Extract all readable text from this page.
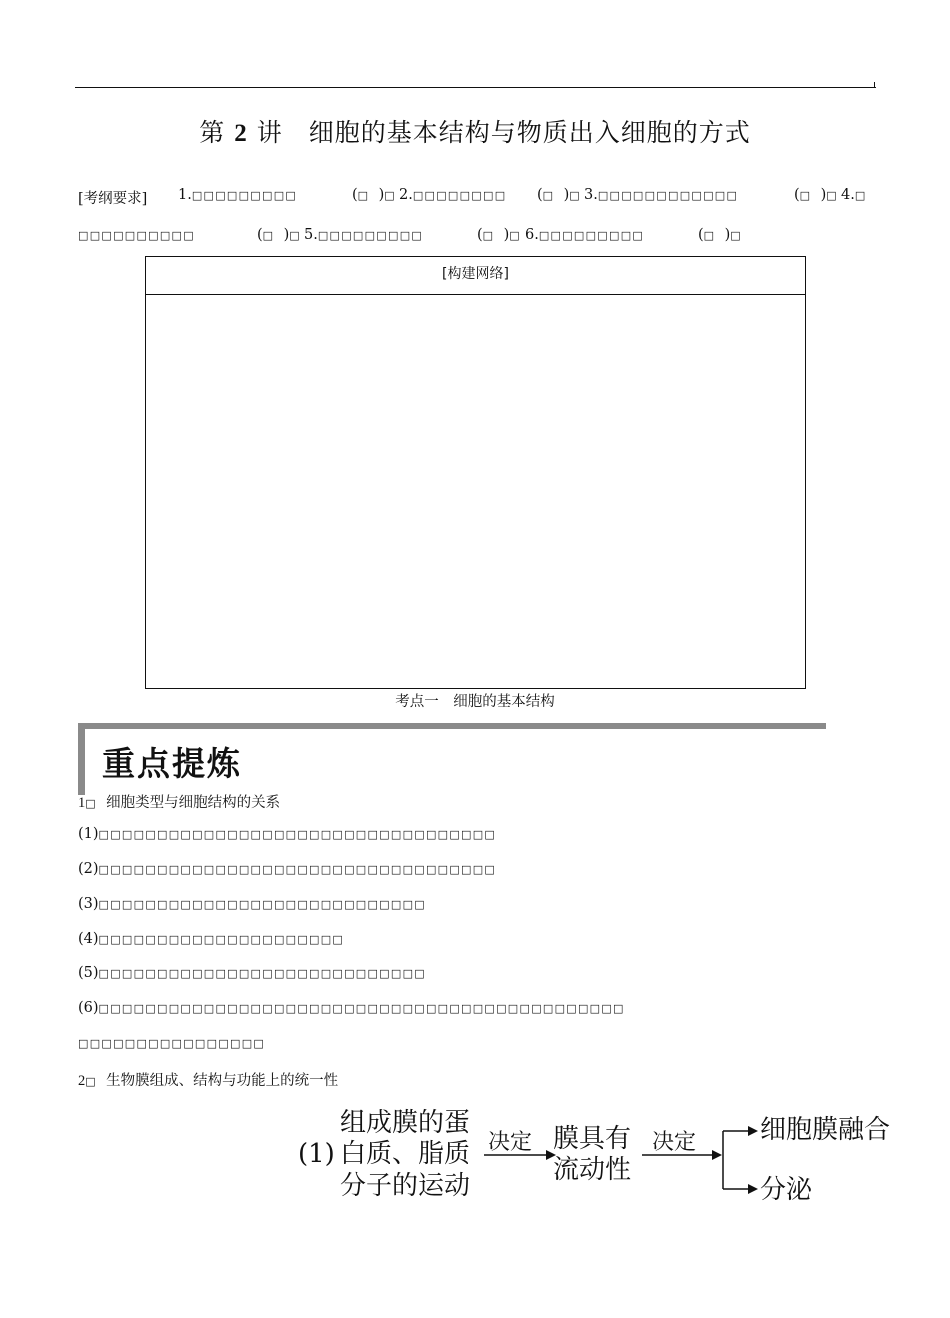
第 2 讲　细胞的基本结构与物质出入细胞的方式
[考纲要求] 1.□□□□□□□□□	(□ )□ 2.□□□□□□□□ (□ )□ 3.□□□□□□□□□□□□	(□ )□ 4.□
□□□□□□□□□□	(□ )□ 5.□□□□□□□□□	(□ )□ 6.□□□□□□□□□	(□ )□
[构建网络]
考点一　细胞的基本结构
重点提炼
1□ 细胞类型与细胞结构的关系
(1)□□□□□□□□□□□□□□□□□□□□□□□□□□□□□□□□□□
(2)□□□□□□□□□□□□□□□□□□□□□□□□□□□□□□□□□□
(3)□□□□□□□□□□□□□□□□□□□□□□□□□□□□
(4)□□□□□□□□□□□□□□□□□□□□□
(5)□□□□□□□□□□□□□□□□□□□□□□□□□□□□
(6)□□□□□□□□□□□□□□□□□□□□□□□□□□□□□□□□□□□□□□□□□□□□□
□□□□□□□□□□□□□□□□
2□ 生物膜组成、结构与功能上的统一性
(1)
组成膜的蛋
白质、脂质
分子的运动
决定 膜具有
流动性
决定 细胞膜融合
分泌
